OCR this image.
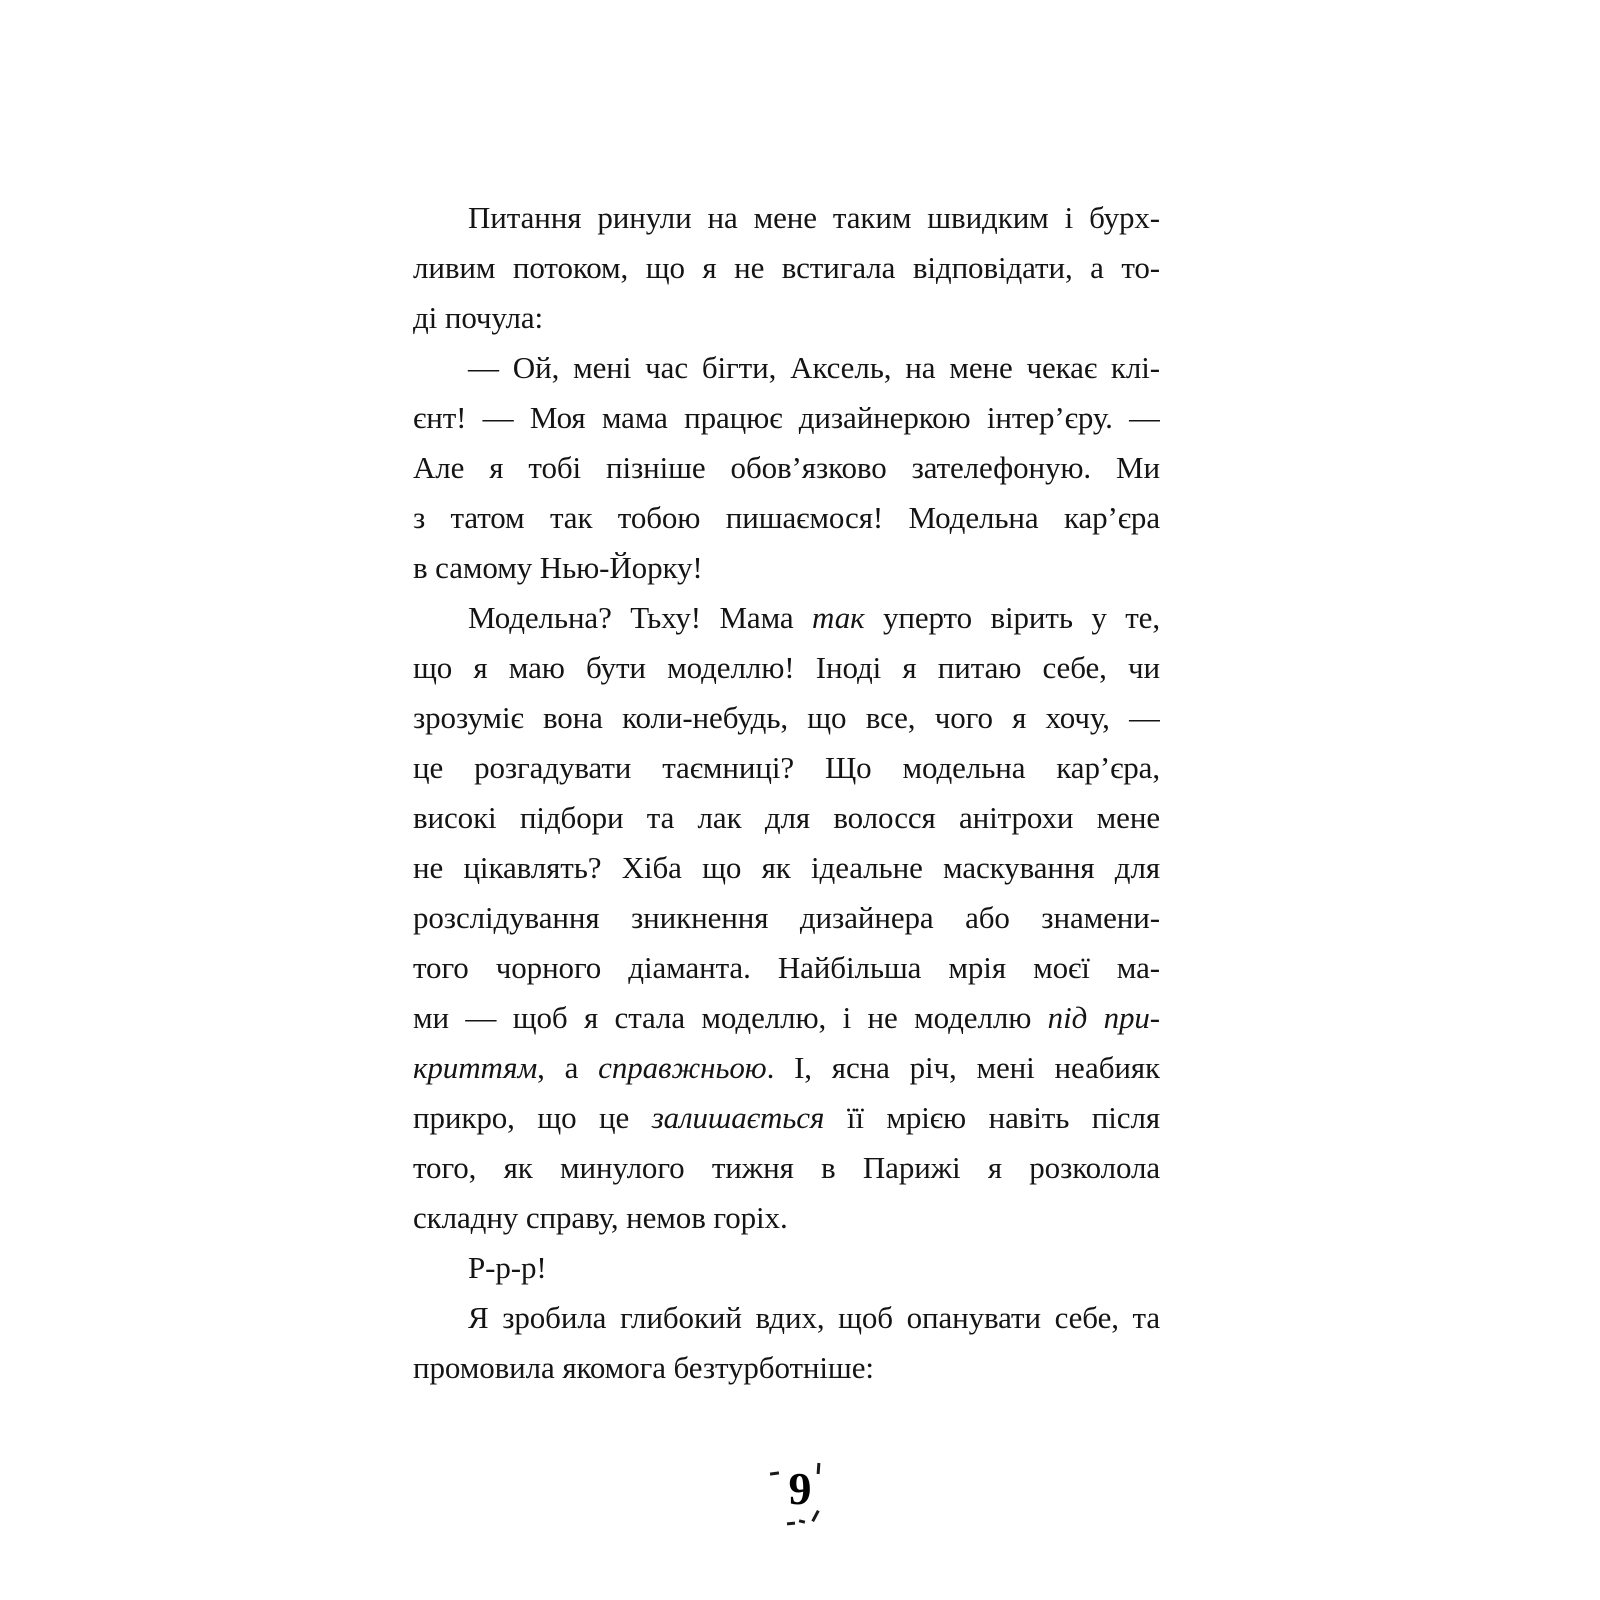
Питання ринули на мене таким швидким і бурх-
ливим потоком, що я не встигала відповідати, а то-
ді почула:
— Ой, мені час бігти, Аксель, на мене чекає клі-
єнт! — Моя мама працює дизайнеркою інтер’єру. —
Але я тобі пізніше обов’язково зателефоную. Ми
з татом так тобою пишаємося! Модельна кар’єра
в самому Нью-Йорку!
Модельна? Тьху! Мама так уперто вірить у те,
що я маю бути моделлю! Іноді я питаю себе, чи
зрозуміє вона коли-небудь, що все, чого я хочу, —
це розгадувати таємниці? Що модельна кар’єра,
високі підбори та лак для волосся анітрохи мене
не цікавлять? Хіба що як ідеальне маскування для
розслідування зникнення дизайнера або знамени-
того чорного діаманта. Найбільша мрія моєї ма-
ми — щоб я стала моделлю, і не моделлю під при-
криттям, а справжньою. І, ясна річ, мені неабияк
прикро, що це залишається її мрією навіть після
того, як минулого тижня в Парижі я розколола
складну справу, немов горіх.
Р-р-р!
Я зробила глибокий вдих, щоб опанувати себе, та
промовила якомога безтурботніше:
9
